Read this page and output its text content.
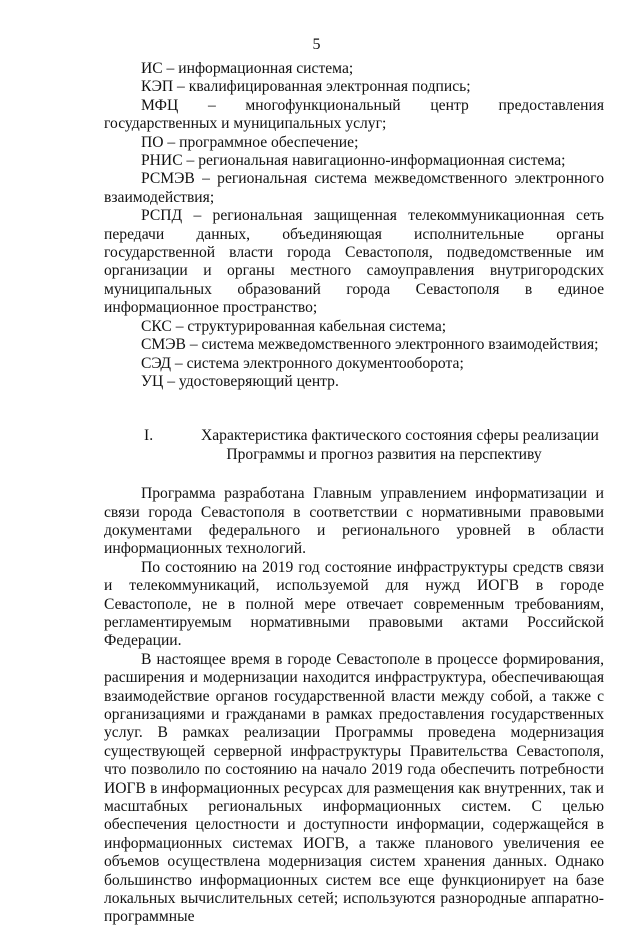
5

ИС – информационная система;

КЭП – квалифицированная электронная подпись;

МФЦ – многофункциональный центр предоставления государственных и муниципальных услуг;

ПО – программное обеспечение;

РНИС – региональная навигационно-информационная система;

РСМЭВ – региональная система межведомственного электронного взаимодействия;

РСПД – региональная защищенная телекоммуникационная сеть передачи данных, объединяющая исполнительные органы государственной власти города Севастополя, подведомственные им организации и органы местного самоуправления внутригородских муниципальных образований города Севастополя в единое информационное пространство;

СКС – структурированная кабельная система;

СМЭВ – система межведомственного электронного взаимодействия;

СЭД – система электронного документооборота;

УЦ – удостоверяющий центр.

I.	Характеристика фактического состояния сферы реализации
Программы и прогноз развития на перспективу

Программа разработана Главным управлением информатизации и связи города Севастополя в соответствии с нормативными правовыми документами федерального и регионального уровней в области информационных технологий.

По состоянию на 2019 год состояние инфраструктуры средств связи и телекоммуникаций, используемой для нужд ИОГВ в городе Севастополе, не в полной мере отвечает современным требованиям, регламентируемым нормативными правовыми актами Российской Федерации.

В настоящее время в городе Севастополе в процессе формирования, расширения и модернизации находится инфраструктура, обеспечивающая взаимодействие органов государственной власти между собой, а также с организациями и гражданами в рамках предоставления государственных услуг. В рамках реализации Программы проведена модернизация существующей серверной инфраструктуры Правительства Севастополя, что позволило по состоянию на начало 2019 года обеспечить потребности ИОГВ в информационных ресурсах для размещения как внутренних, так и масштабных региональных информационных систем. С целью обеспечения целостности и доступности информации, содержащейся в информационных системах ИОГВ, а также планового увеличения ее объемов осуществлена модернизация систем хранения данных. Однако большинство информационных систем все еще функционирует на базе локальных вычислительных сетей; используются разнородные аппаратно-программные
